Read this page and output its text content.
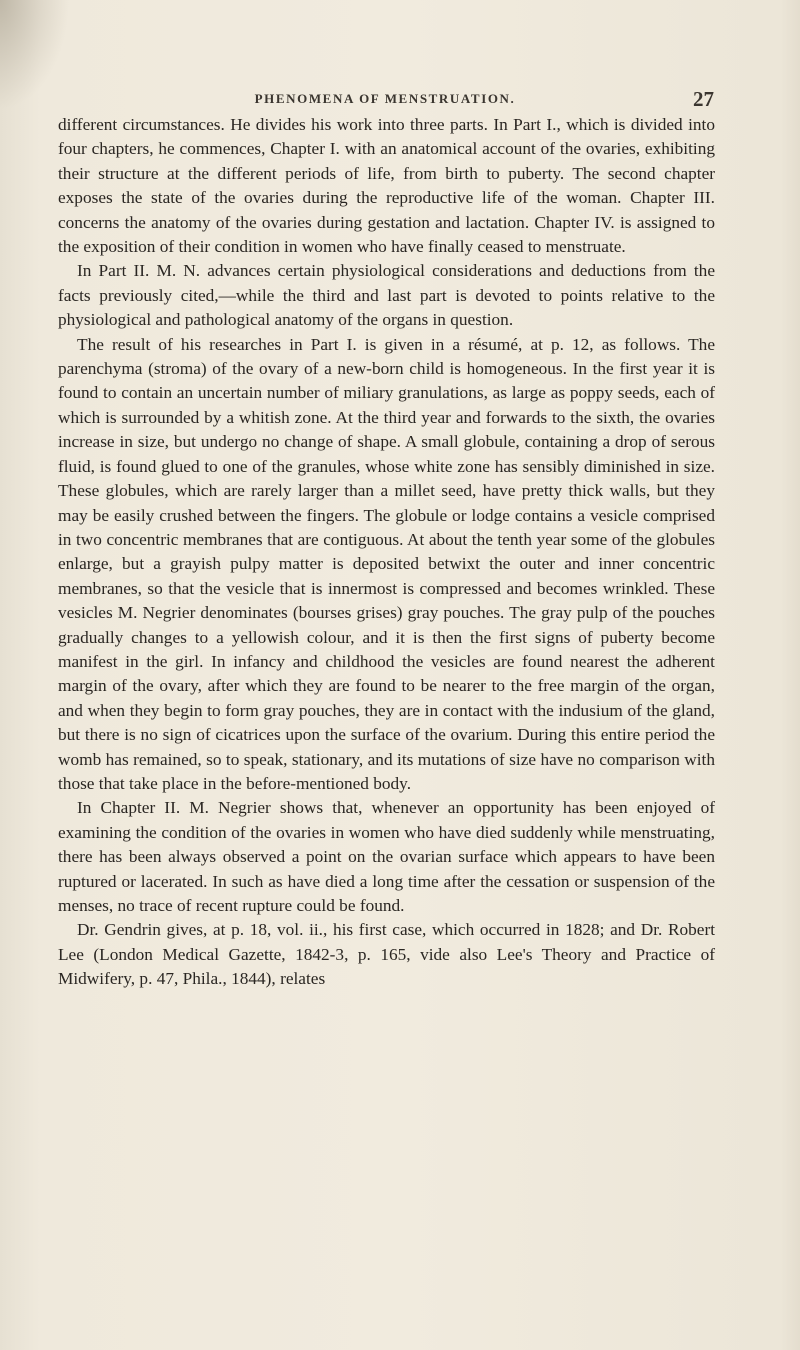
PHENOMENA OF MENSTRUATION.	27

different circumstances. He divides his work into three parts. In Part I., which is divided into four chapters, he commences, Chapter I. with an anatomical account of the ovaries, exhibiting their structure at the different periods of life, from birth to puberty. The second chapter exposes the state of the ovaries during the reproductive life of the woman. Chapter III. concerns the anatomy of the ovaries during gestation and lactation. Chapter IV. is assigned to the exposition of their condition in women who have finally ceased to menstruate.

In Part II. M. N. advances certain physiological considerations and deductions from the facts previously cited,—while the third and last part is devoted to points relative to the physiological and pathological anatomy of the organs in question.

The result of his researches in Part I. is given in a résumé, at p. 12, as follows. The parenchyma (stroma) of the ovary of a new-born child is homogeneous. In the first year it is found to contain an uncertain number of miliary granulations, as large as poppy seeds, each of which is surrounded by a whitish zone. At the third year and forwards to the sixth, the ovaries increase in size, but undergo no change of shape. A small globule, containing a drop of serous fluid, is found glued to one of the granules, whose white zone has sensibly diminished in size. These globules, which are rarely larger than a millet seed, have pretty thick walls, but they may be easily crushed between the fingers. The globule or lodge contains a vesicle comprised in two concentric membranes that are contiguous. At about the tenth year some of the globules enlarge, but a grayish pulpy matter is deposited betwixt the outer and inner concentric membranes, so that the vesicle that is innermost is compressed and becomes wrinkled. These vesicles M. Negrier denominates (bourses grises) gray pouches. The gray pulp of the pouches gradually changes to a yellowish colour, and it is then the first signs of puberty become manifest in the girl. In infancy and childhood the vesicles are found nearest the adherent margin of the ovary, after which they are found to be nearer to the free margin of the organ, and when they begin to form gray pouches, they are in contact with the indusium of the gland, but there is no sign of cicatrices upon the surface of the ovarium. During this entire period the womb has remained, so to speak, stationary, and its mutations of size have no comparison with those that take place in the before-mentioned body.

In Chapter II. M. Negrier shows that, whenever an opportunity has been enjoyed of examining the condition of the ovaries in women who have died suddenly while menstruating, there has been always observed a point on the ovarian surface which appears to have been ruptured or lacerated. In such as have died a long time after the cessation or suspension of the menses, no trace of recent rupture could be found.

Dr. Gendrin gives, at p. 18, vol. ii., his first case, which occurred in 1828; and Dr. Robert Lee (London Medical Gazette, 1842-3, p. 165, vide also Lee's Theory and Practice of Midwifery, p. 47, Phila., 1844), relates
